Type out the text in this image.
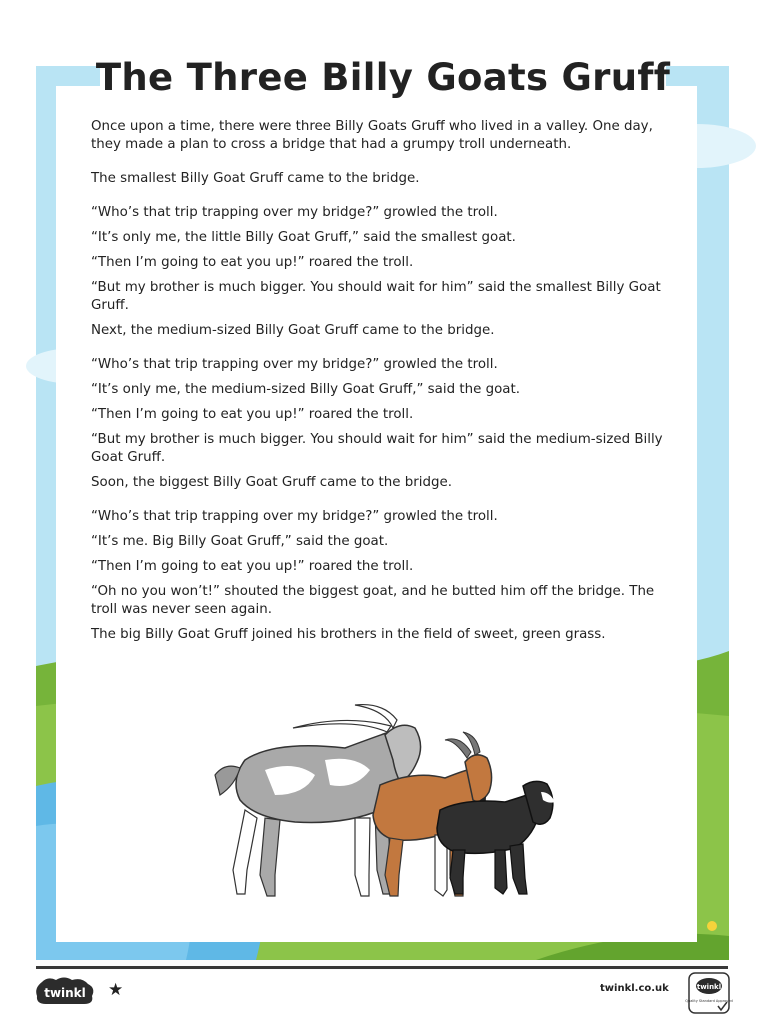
The Three Billy Goats Gruff

Once upon a time, there were three Billy Goats Gruff who lived in a valley. One day, they made a plan to cross a bridge that had a grumpy troll underneath.

The smallest Billy Goat Gruff came to the bridge.

“Who’s that trip trapping over my bridge?” growled the troll.

“It’s only me, the little Billy Goat Gruff,” said the smallest goat.

“Then I’m going to eat you up!” roared the troll.

“But my brother is much bigger. You should wait for him” said the smallest Billy Goat Gruff.

Next, the medium-sized Billy Goat Gruff came to the bridge.

“Who’s that trip trapping over my bridge?” growled the troll.

“It’s only me, the medium-sized Billy Goat Gruff,” said the goat.

“Then I’m going to eat you up!” roared the troll.

“But my brother is much bigger. You should wait for him” said the medium-sized Billy Goat Gruff.

Soon, the biggest Billy Goat Gruff came to the bridge.

“Who’s that trip trapping over my bridge?” growled the troll.

“It’s me. Big Billy Goat Gruff,” said the goat.

“Then I’m going to eat you up!” roared the troll.

“Oh no you won’t!” shouted the biggest goat, and he butted him off the bridge. The troll was never seen again.

The big Billy Goat Gruff joined his brothers in the field of sweet, green grass.

twinkl ★	twinkl.co.uk	twinkl
Quality Standard Approved
